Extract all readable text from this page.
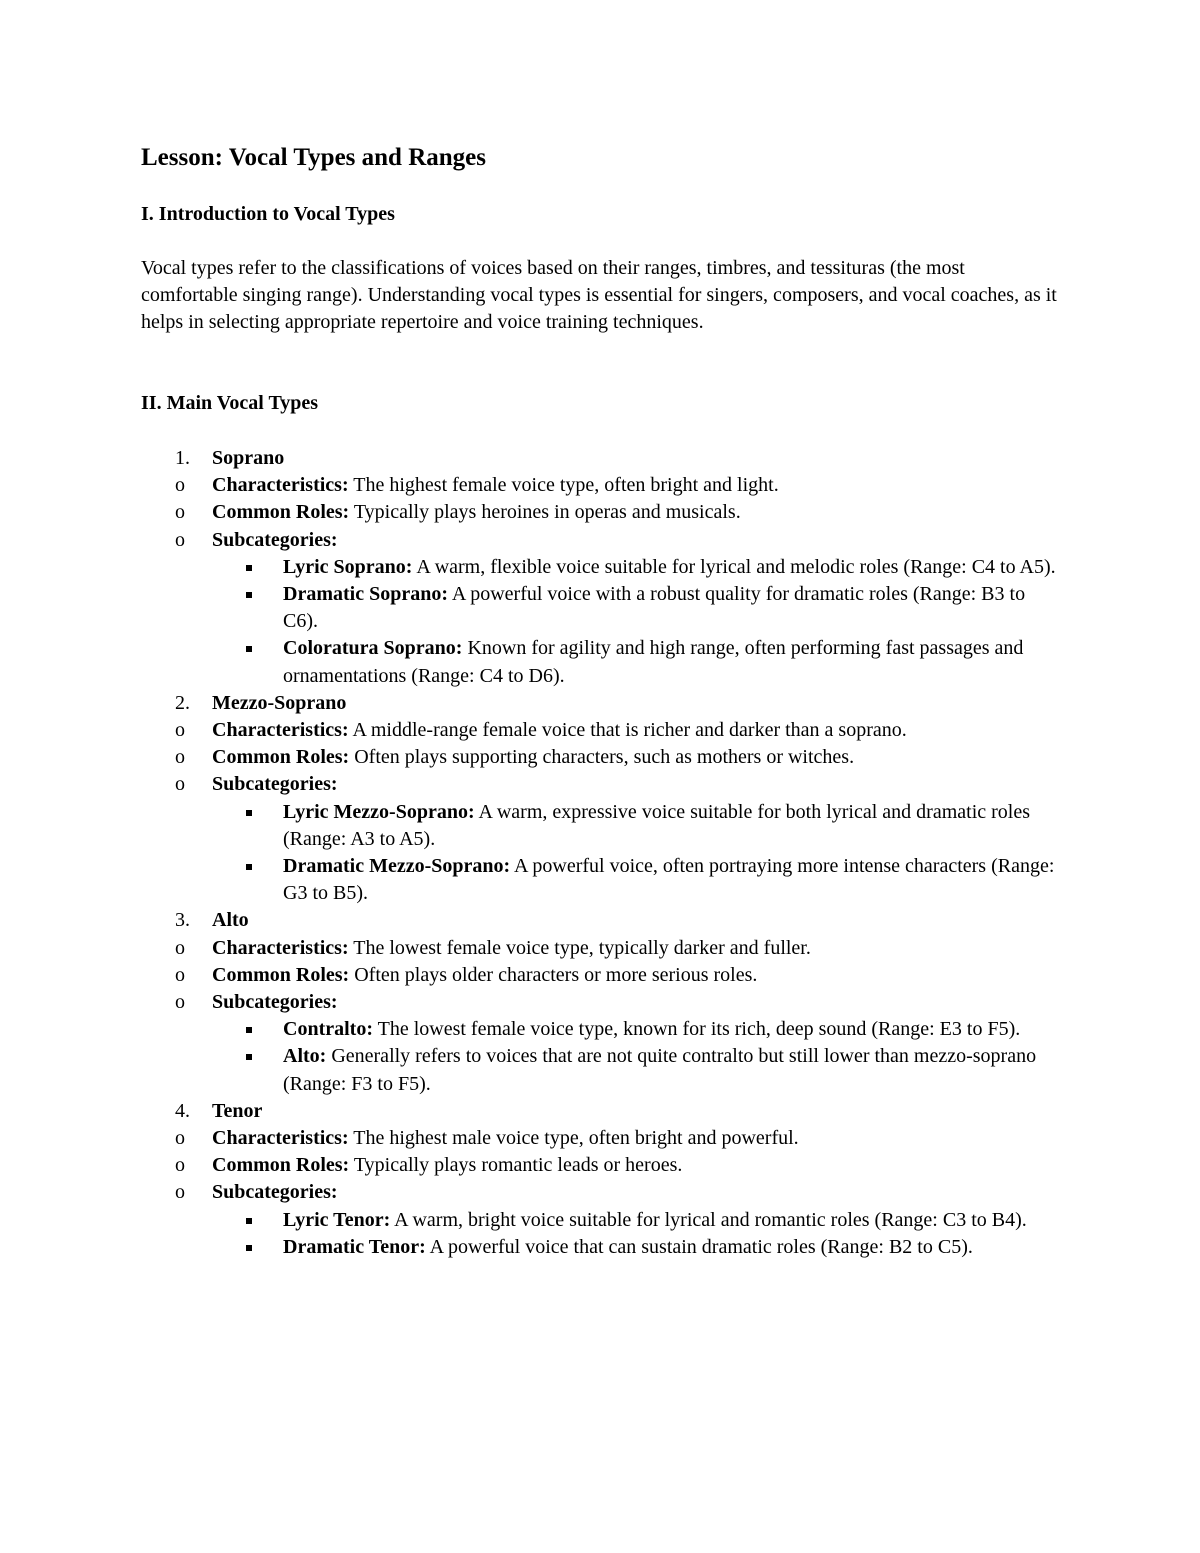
Lesson: Vocal Types and Ranges
I. Introduction to Vocal Types

Vocal types refer to the classifications of voices based on their ranges, timbres, and tessituras (the most comfortable singing range). Understanding vocal types is essential for singers, composers, and vocal coaches, as it helps in selecting appropriate repertoire and voice training techniques.

II. Main Vocal Types
1.	Soprano
o	Characteristics: The highest female voice type, often bright and light.
o	Common Roles: Typically plays heroines in operas and musicals.
o	Subcategories:
Lyric Soprano: A warm, flexible voice suitable for lyrical and melodic roles (Range: C4 to A5).
Dramatic Soprano: A powerful voice with a robust quality for dramatic roles (Range: B3 to C6).
Coloratura Soprano: Known for agility and high range, often performing fast passages and ornamentations (Range: C4 to D6).
2.	Mezzo-Soprano
o	Characteristics: A middle-range female voice that is richer and darker than a soprano.
o	Common Roles: Often plays supporting characters, such as mothers or witches.
o	Subcategories:
Lyric Mezzo-Soprano: A warm, expressive voice suitable for both lyrical and dramatic roles (Range: A3 to A5).
Dramatic Mezzo-Soprano: A powerful voice, often portraying more intense characters (Range: G3 to B5).
3.	Alto
o	Characteristics: The lowest female voice type, typically darker and fuller.
o	Common Roles: Often plays older characters or more serious roles.
o	Subcategories:
Contralto: The lowest female voice type, known for its rich, deep sound (Range: E3 to F5).
Alto: Generally refers to voices that are not quite contralto but still lower than mezzo-soprano (Range: F3 to F5).
4.	Tenor
o	Characteristics: The highest male voice type, often bright and powerful.
o	Common Roles: Typically plays romantic leads or heroes.
o	Subcategories:
Lyric Tenor: A warm, bright voice suitable for lyrical and romantic roles (Range: C3 to B4).
Dramatic Tenor: A powerful voice that can sustain dramatic roles (Range: B2 to C5).
